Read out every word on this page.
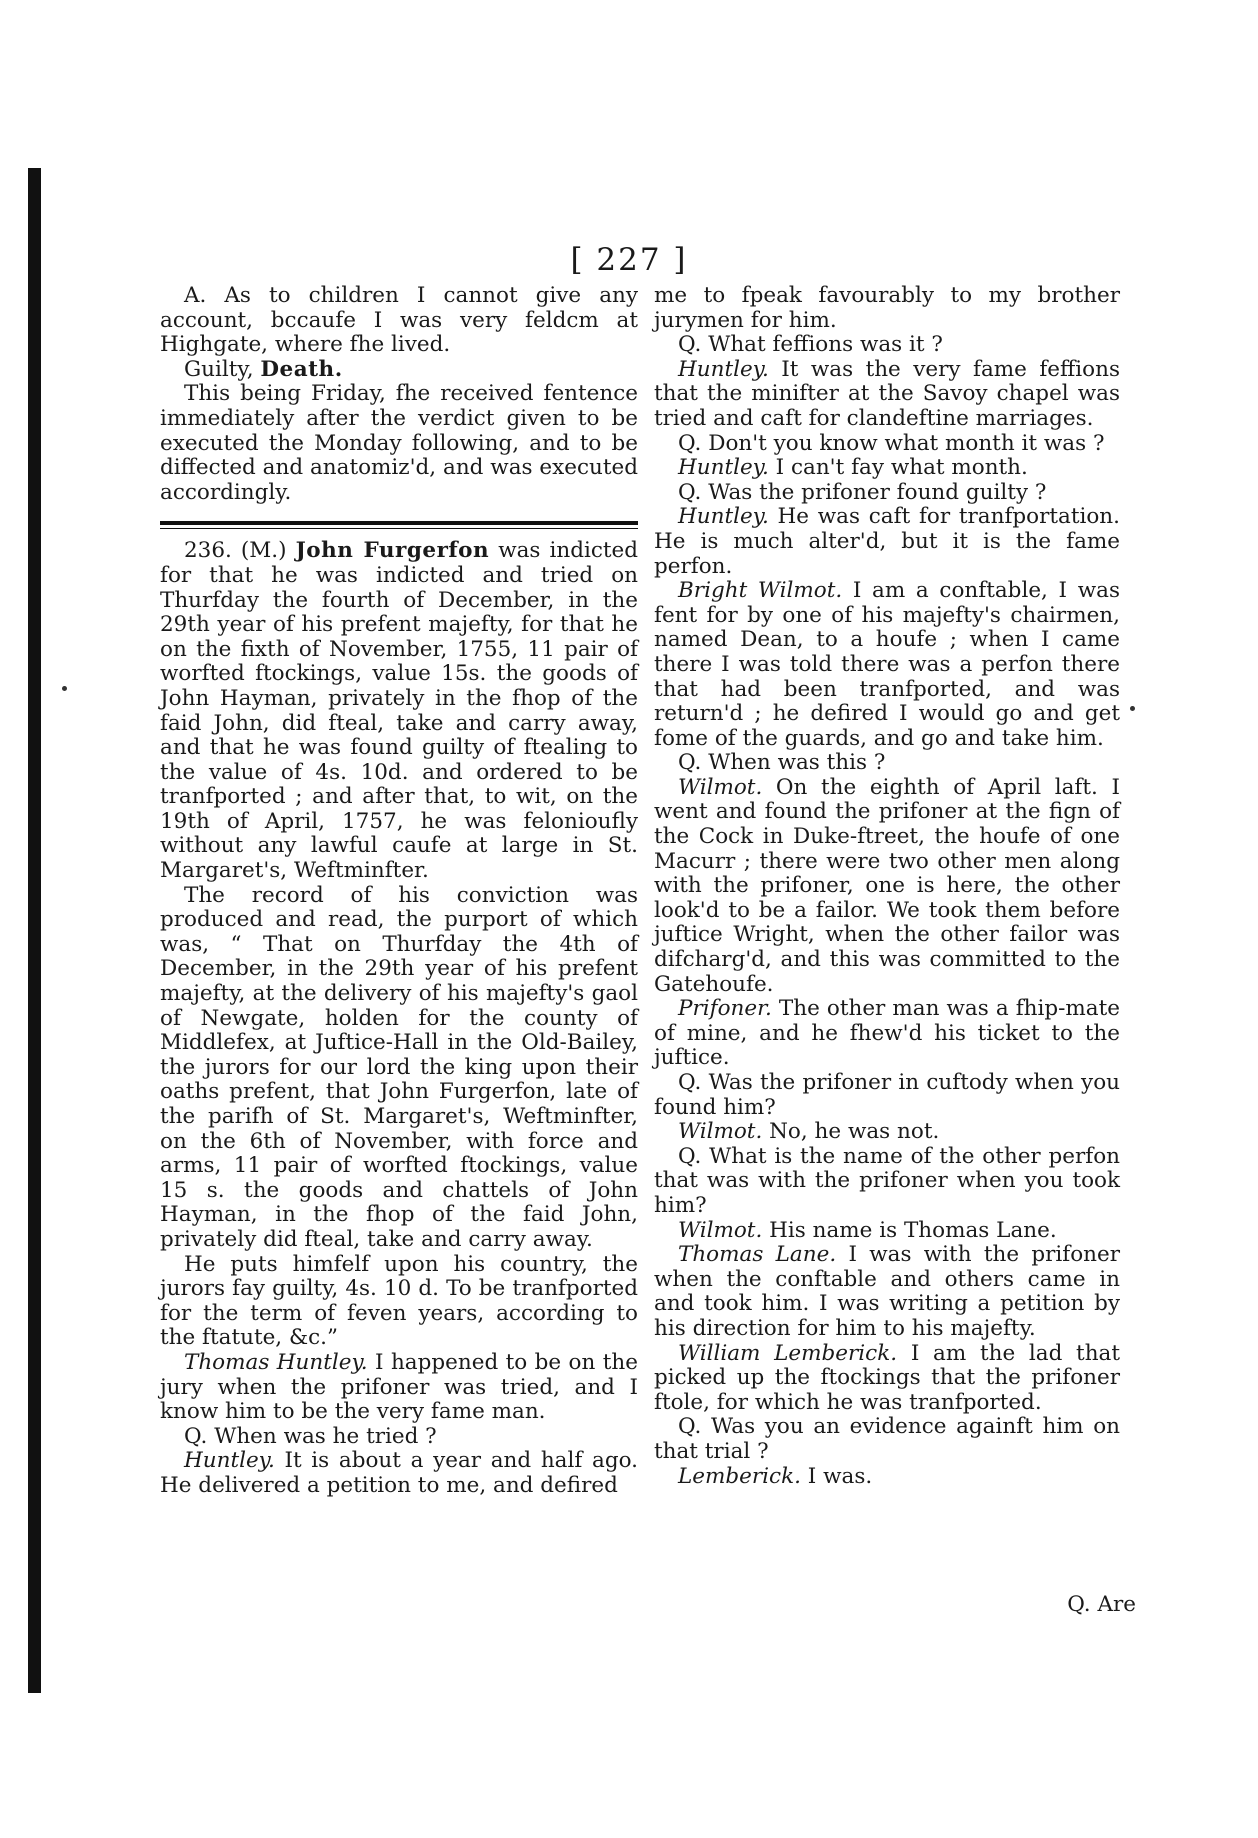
[ 227 ]

A. As to children I cannot give any account, bccaufe I was very feldcm at Highgate, where fhe lived.

Guilty, Death.

This being Friday, fhe received fentence immediately after the verdict given to be executed the Monday following, and to be diffected and anatomiz'd, and was executed accordingly.

236. (M.) John Furgerfon was indicted for that he was indicted and tried on Thurfday the fourth of December, in the 29th year of his prefent majefty, for that he on the fixth of November, 1755, 11 pair of worfted ftockings, value 15s. the goods of John Hayman, privately in the fhop of the faid John, did fteal, take and carry away, and that he was found guilty of ftealing to the value of 4s. 10d. and ordered to be tranfported ; and after that, to wit, on the 19th of April, 1757, he was felonioufly without any lawful caufe at large in St. Margaret's, Weftminfter.

The record of his conviction was produced and read, the purport of which was, “ That on Thurfday the 4th of December, in the 29th year of his prefent majefty, at the delivery of his majefty's gaol of Newgate, holden for the county of Middlefex, at Juftice-Hall in the Old-Bailey, the jurors for our lord the king upon their oaths prefent, that John Furgerfon, late of the parifh of St. Margaret's, Weftminfter, on the 6th of November, with force and arms, 11 pair of worfted ftockings, value 15 s. the goods and chattels of John Hayman, in the fhop of the faid John, privately did fteal, take and carry away.

He puts himfelf upon his country, the jurors fay guilty, 4s. 10 d. To be tranfported for the term of feven years, according to the ftatute, &c.”

Thomas Huntley. I happened to be on the jury when the prifoner was tried, and I know him to be the very fame man.

Q. When was he tried ?

Huntley. It is about a year and half ago. He delivered a petition to me, and defired

me to fpeak favourably to my brother jurymen for him.

Q. What feffions was it ?

Huntley. It was the very fame feffions that the minifter at the Savoy chapel was tried and caft for clandeftine marriages.

Q. Don't you know what month it was ?

Huntley. I can't fay what month.

Q. Was the prifoner found guilty ?

Huntley. He was caft for tranfportation. He is much alter'd, but it is the fame perfon.

Bright Wilmot. I am a conftable, I was fent for by one of his majefty's chairmen, named Dean, to a houfe ; when I came there I was told there was a perfon there that had been tranfported, and was return'd ; he defired I would go and get fome of the guards, and go and take him.

Q. When was this ?

Wilmot. On the eighth of April laft. I went and found the prifoner at the fign of the Cock in Duke-ftreet, the houfe of one Macurr ; there were two other men along with the prifoner, one is here, the other look'd to be a failor. We took them before juftice Wright, when the other failor was difcharg'd, and this was committed to the Gatehoufe.

Prifoner. The other man was a fhip-mate of mine, and he fhew'd his ticket to the juftice.

Q. Was the prifoner in cuftody when you found him?

Wilmot. No, he was not.

Q. What is the name of the other perfon that was with the prifoner when you took him?

Wilmot. His name is Thomas Lane.

Thomas Lane. I was with the prifoner when the conftable and others came in and took him. I was writing a petition by his direction for him to his majefty.

William Lemberick. I am the lad that picked up the ftockings that the prifoner ftole, for which he was tranfported.

Q. Was you an evidence againft him on that trial ?

Lemberick. I was.

Q. Are
